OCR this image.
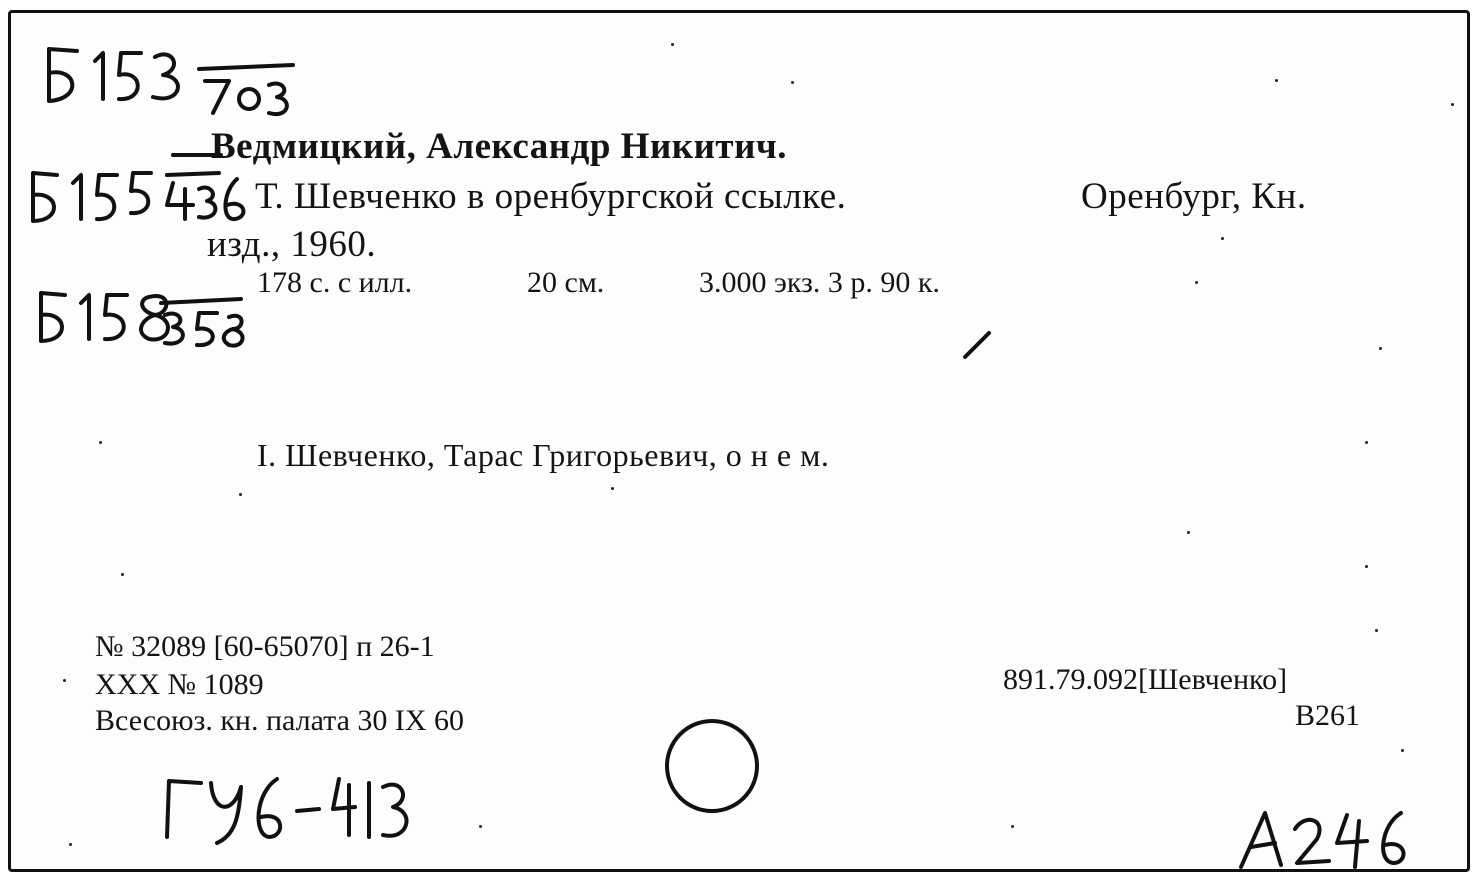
Ведмицкий, Александр Никитич.
Т. Шевченко в оренбургской ссылке.	Оренбург, Кн.
изд., 1960.
178 с. с илл.	20 см.	3.000 экз. 3 р. 90 к.
I. Шевченко, Тарас Григорьевич, о н е м.
№ 32089 [60-65070] п 26-1
XXX № 1089
Всесоюз. кн. палата 30 IX 60
891.79.092[Шевченко]
B261
